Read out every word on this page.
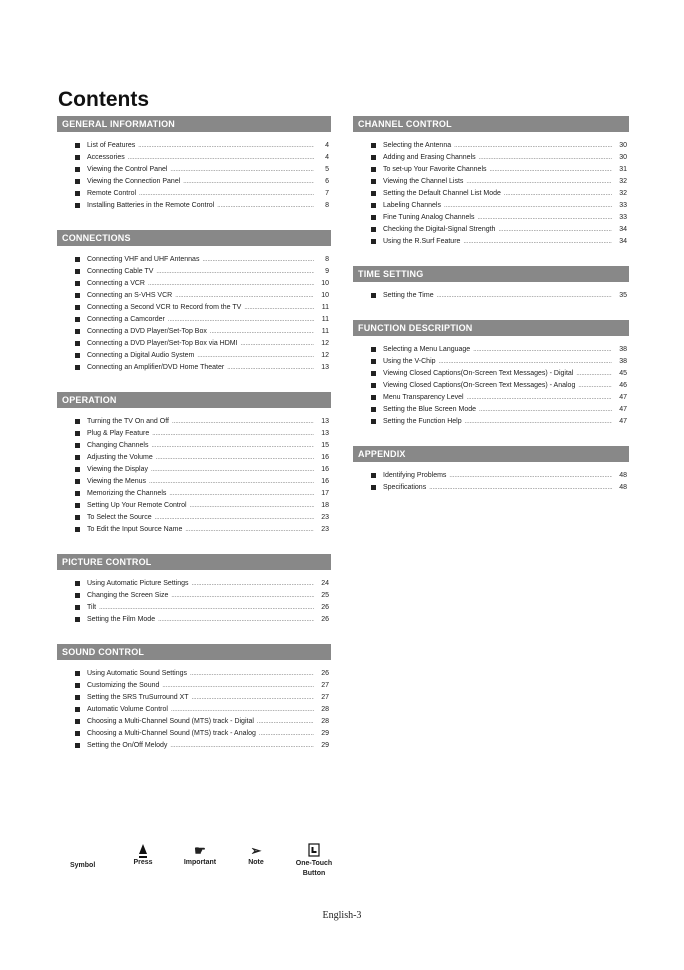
Contents
GENERAL INFORMATION
List of Features .....	4
Accessories .....	4
Viewing the Control Panel .....	5
Viewing the Connection Panel .....	6
Remote Control .....	7
Installing Batteries in the Remote Control .....	8
CONNECTIONS
Connecting VHF and UHF Antennas .....	8
Connecting Cable TV .....	9
Connecting a VCR .....	10
Connecting an S-VHS VCR .....	10
Connecting a Second VCR to Record from the TV .....	11
Connecting a Camcorder .....	11
Connecting a DVD Player/Set-Top Box .....	11
Connecting a DVD Player/Set-Top Box via HDMI .....	12
Connecting a Digital Audio System .....	12
Connecting an Amplifier/DVD Home Theater .....	13
OPERATION
Turning the TV On and Off .....	13
Plug & Play Feature .....	13
Changing Channels .....	15
Adjusting the Volume .....	16
Viewing the Display .....	16
Viewing the Menus .....	16
Memorizing the Channels .....	17
Setting Up Your Remote Control .....	18
To Select the Source .....	23
To Edit the Input Source Name .....	23
PICTURE CONTROL
Using Automatic Picture Settings .....	24
Changing the Screen Size .....	25
Tilt .....	26
Setting the Film Mode .....	26
SOUND CONTROL
Using Automatic Sound Settings .....	26
Customizing the Sound .....	27
Setting the SRS TruSurround XT .....	27
Automatic Volume Control .....	28
Choosing a Multi-Channel Sound (MTS) track - Digital .....	28
Choosing a Multi-Channel Sound (MTS) track - Analog .....	29
Setting the On/Off Melody .....	29
CHANNEL CONTROL
Selecting the Antenna .....	30
Adding and Erasing Channels .....	30
To set-up Your Favorite Channels .....	31
Viewing the Channel Lists .....	32
Setting the Default Channel List Mode .....	32
Labeling Channels .....	33
Fine Tuning Analog Channels .....	33
Checking the Digital-Signal Strength .....	34
Using the R.Surf Feature .....	34
TIME SETTING
Setting the Time .....	35
FUNCTION DESCRIPTION
Selecting a Menu Language .....	38
Using the V-Chip .....	38
Viewing Closed Captions(On-Screen Text Messages) - Digital .....	45
Viewing Closed Captions(On-Screen Text Messages) - Analog .....	46
Menu Transparency Level .....	47
Setting the Blue Screen Mode .....	47
Setting the Function Help .....	47
APPENDIX
Identifying Problems .....	48
Specifications .....	48
Symbol	Press
☛
Important
➢
Note	One-Touch Button
English-3
